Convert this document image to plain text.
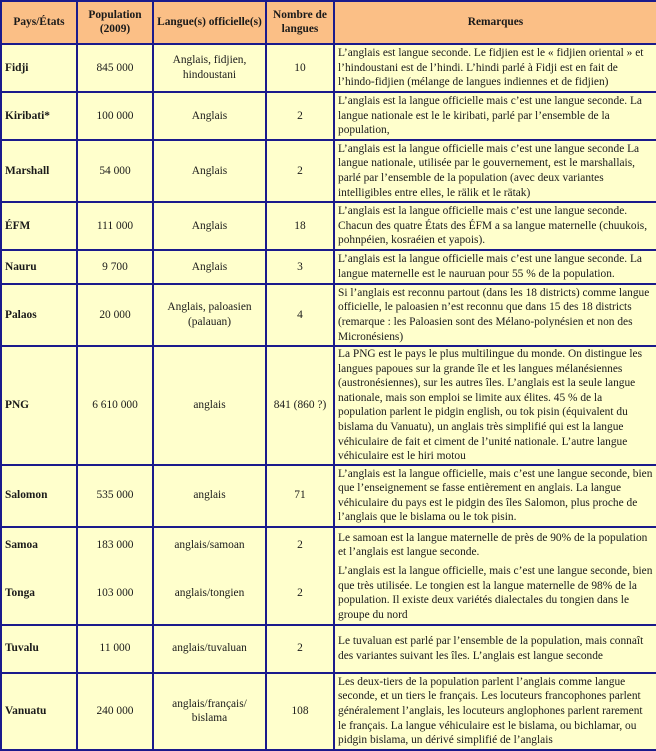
Pays/États	Population (2009)	Langue(s) officielle(s)	Nombre de langues	Remarques
Fidji	845 000	Anglais, fidjien, hindoustani	10	L’anglais est langue seconde. Le fidjien est le « fidjien oriental » et l’hindoustani est de l’hindi. L’hindi parlé à Fidji est en fait de l’hindo-fidjien (mélange de langues indiennes et de fidjien)
Kiribati*	100 000	Anglais	2	L’anglais est la langue officielle mais c’est une langue seconde. La langue nationale est le le kiribati, parlé par l’ensemble de la population,
Marshall	54 000	Anglais	2	L’anglais est la langue officielle mais c’est une langue seconde La langue nationale, utilisée par le gouvernement, est le marshallais, parlé par l’ensemble de la population (avec deux variantes intelligibles entre elles, le rälik et le rätak)
ÉFM	111 000	Anglais	18	L’anglais est la langue officielle mais c’est une langue seconde. Chacun des quatre États des ÉFM a sa langue maternelle (chuukois, pohnpéien, kosraéien et yapois).
Nauru	9 700	Anglais	3	L’anglais est la langue officielle mais c’est une langue seconde. La langue maternelle est le nauruan pour 55 % de la population.
Palaos	20 000	Anglais, paloasien (palauan)	4	Si l’anglais est reconnu partout (dans les 18 districts) comme langue officielle, le paloasien n’est reconnu que dans 15 des 18 districts (remarque : les Paloasien sont des Mélano-polynésien et non des Micronésiens)
PNG	6 610 000	anglais	841 (860 ?)	La PNG est le pays le plus multilingue du monde. On distingue les langues papoues sur la grande île et les langues mélanésiennes (austronésiennes), sur les autres îles. L’anglais est la seule langue nationale, mais son emploi se limite aux élites. 45 % de la population parlent le pidgin english, ou tok pisin (équivalent du bislama du Vanuatu), un anglais très simplifié qui est la langue véhiculaire de fait et ciment de l’unité nationale. L’autre langue véhiculaire est le hiri motou
Salomon	535 000	anglais	71	L’anglais est la langue officielle, mais c’est une langue seconde, bien que l’enseignement se fasse entièrement en anglais. La langue véhiculaire du pays est le pidgin des îles Salomon, plus proche de l’anglais que le bislama ou le tok pisin.
Samoa	183 000	anglais/samoan	2	Le samoan est la langue maternelle de près de 90% de la population et l’anglais est langue seconde.
Tonga	103 000	anglais/tongien	2	L’anglais est la langue officielle, mais c’est une langue seconde, bien que très utilisée. Le tongien est la langue maternelle de 98% de la population. Il existe deux variétés dialectales du tongien dans le groupe du nord
Tuvalu	11 000	anglais/tuvaluan	2	Le tuvaluan est parlé par l’ensemble de la population, mais connaît des variantes suivant les îles. L’anglais est langue seconde
Vanuatu	240 000	anglais/français/ bislama	108	Les deux-tiers de la population parlent l’anglais comme langue seconde, et un tiers le français. Les locuteurs francophones parlent généralement l’anglais, les locuteurs anglophones parlent rarement le français. La langue véhiculaire est le bislama, ou bichlamar, ou pidgin bislama, un dérivé simplifié de l’anglais
